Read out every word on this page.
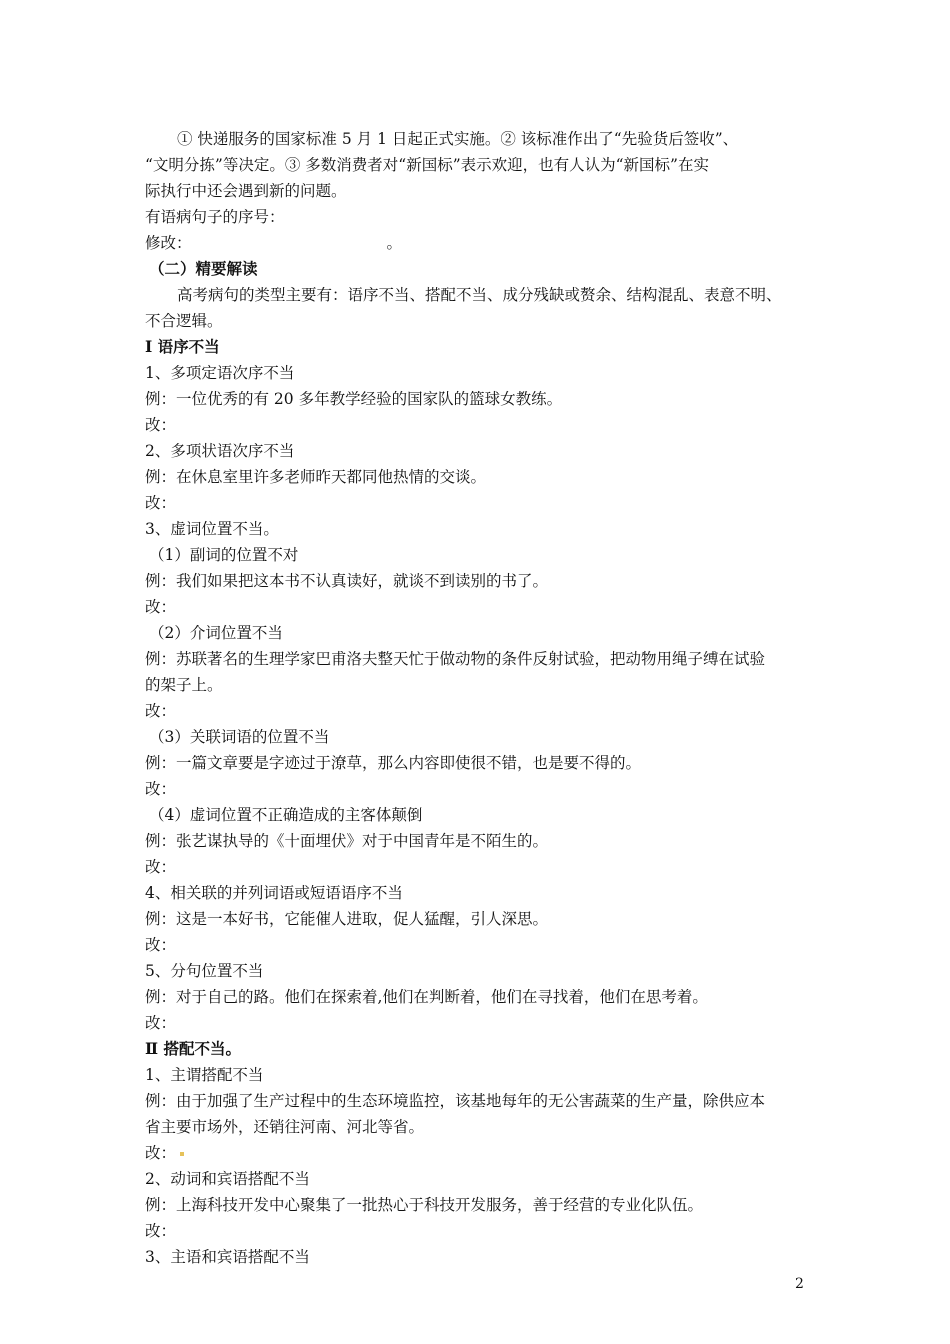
① 快递服务的国家标准 5 月 1 日起正式实施。② 该标准作出了“先验货后签收”、
“文明分拣”等决定。③ 多数消费者对“新国标”表示欢迎，也有人认为“新国标”在实
际执行中还会遇到新的问题。
有语病句子的序号：
修改：	。
（二）精要解读
高考病句的类型主要有：语序不当、搭配不当、成分残缺或赘余、结构混乱、表意不明、
不合逻辑。
Ⅰ 语序不当
1、多项定语次序不当
例：一位优秀的有 20 多年教学经验的国家队的篮球女教练。
改：
2、多项状语次序不当
例：在休息室里许多老师昨天都同他热情的交谈。
改：
3、虚词位置不当。
（1）副词的位置不对
例：我们如果把这本书不认真读好，就谈不到读别的书了。
改：
（2）介词位置不当
例：苏联著名的生理学家巴甫洛夫整天忙于做动物的条件反射试验，把动物用绳子缚在试验
的架子上。
改：
（3）关联词语的位置不当
例：一篇文章要是字迹过于潦草，那么内容即使很不错，也是要不得的。
改：
（4）虚词位置不正确造成的主客体颠倒
例：张艺谋执导的《十面埋伏》对于中国青年是不陌生的。
改：
4、相关联的并列词语或短语语序不当
例：这是一本好书，它能催人进取，促人猛醒，引人深思。
改：
5、分句位置不当
例：对于自己的路。他们在探索着,他们在判断着，他们在寻找着，他们在思考着。
改：
Ⅱ 搭配不当。
1、主谓搭配不当
例：由于加强了生产过程中的生态环境监控，该基地每年的无公害蔬菜的生产量，除供应本
省主要市场外，还销往河南、河北等省。
改：
2、动词和宾语搭配不当
例：上海科技开发中心聚集了一批热心于科技开发服务，善于经营的专业化队伍。
改：
3、主语和宾语搭配不当
2
